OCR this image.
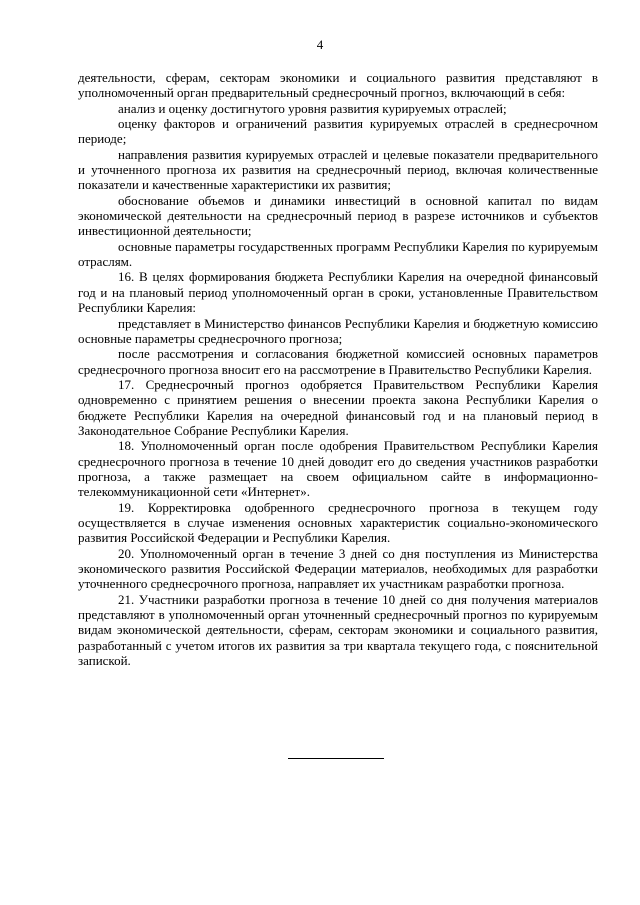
4

деятельности, сферам, секторам экономики и социального развития представляют в уполномоченный орган предварительный среднесрочный прогноз, включающий в себя:

анализ и оценку достигнутого уровня развития курируемых отраслей;

оценку факторов и ограничений развития курируемых отраслей в среднесрочном периоде;

направления развития курируемых отраслей и целевые показатели предварительного и уточненного прогноза их развития на среднесрочный период, включая количественные показатели и качественные характеристики их развития;

обоснование объемов и динамики инвестиций в основной капитал по видам экономической деятельности на среднесрочный период в разрезе источников и субъектов инвестиционной деятельности;

основные параметры государственных программ Республики Карелия по курируемым отраслям.

16. В целях формирования бюджета Республики Карелия на очередной финансовый год и на плановый период уполномоченный орган в сроки, установленные Правительством Республики Карелия:

представляет в Министерство финансов Республики Карелия и бюджетную комиссию основные параметры среднесрочного прогноза;

после рассмотрения и согласования бюджетной комиссией основных параметров среднесрочного прогноза вносит его на рассмотрение в Правительство Республики Карелия.

17. Среднесрочный прогноз одобряется Правительством Республики Карелия одновременно с принятием решения о внесении проекта закона Республики Карелия о бюджете Республики Карелия на очередной финансовый год и на плановый период в Законодательное Собрание Республики Карелия.

18. Уполномоченный орган после одобрения Правительством Республики Карелия среднесрочного прогноза в течение 10 дней доводит его до сведения участников разработки прогноза, а также размещает на своем официальном сайте в информационно-телекоммуникационной сети «Интернет».

19. Корректировка одобренного среднесрочного прогноза в текущем году осуществляется в случае изменения основных характеристик социально-экономического развития Российской Федерации и Республики Карелия.

20. Уполномоченный орган в течение 3 дней со дня поступления из Министерства экономического развития Российской Федерации материалов, необходимых для разработки уточненного среднесрочного прогноза, направляет их участникам разработки прогноза.

21. Участники разработки прогноза в течение 10 дней со дня получения материалов представляют в уполномоченный орган уточненный среднесрочный прогноз по курируемым видам экономической деятельности, сферам, секторам экономики и социального развития, разработанный с учетом итогов их развития за три квартала текущего года, с пояснительной запиской.
